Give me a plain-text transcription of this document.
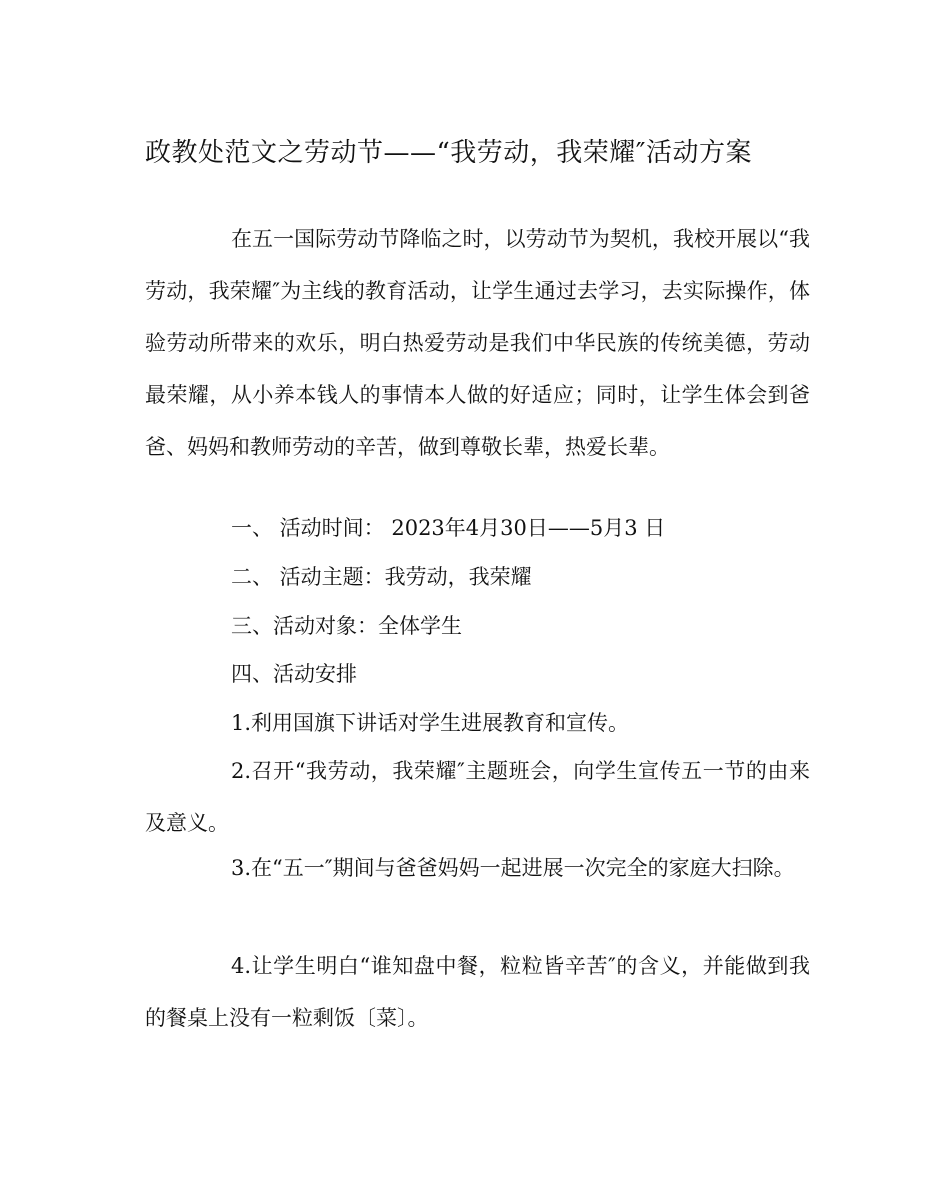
政教处范文之劳动节——“我劳动，我荣耀″活动方案
在五一国际劳动节降临之时，以劳动节为契机，我校开展以“我劳动，我荣耀″为主线的教育活动，让学生通过去学习，去实际操作，体验劳动所带来的欢乐，明白热爱劳动是我们中华民族的传统美德，劳动最荣耀，从小养本钱人的事情本人做的好适应；同时，让学生体会到爸爸、妈妈和教师劳动的辛苦，做到尊敬长辈，热爱长辈。
一、 活动时间： 2023年4月30日——5月3 日
二、 活动主题：我劳动，我荣耀
三、活动对象：全体学生
四、活动安排
1.利用国旗下讲话对学生进展教育和宣传。
2.召开“我劳动，我荣耀″主题班会，向学生宣传五一节的由来及意义。
3.在“五一″期间与爸爸妈妈一起进展一次完全的家庭大扫除。
4.让学生明白“谁知盘中餐，粒粒皆辛苦″的含义，并能做到我的餐桌上没有一粒剩饭〔菜〕。
